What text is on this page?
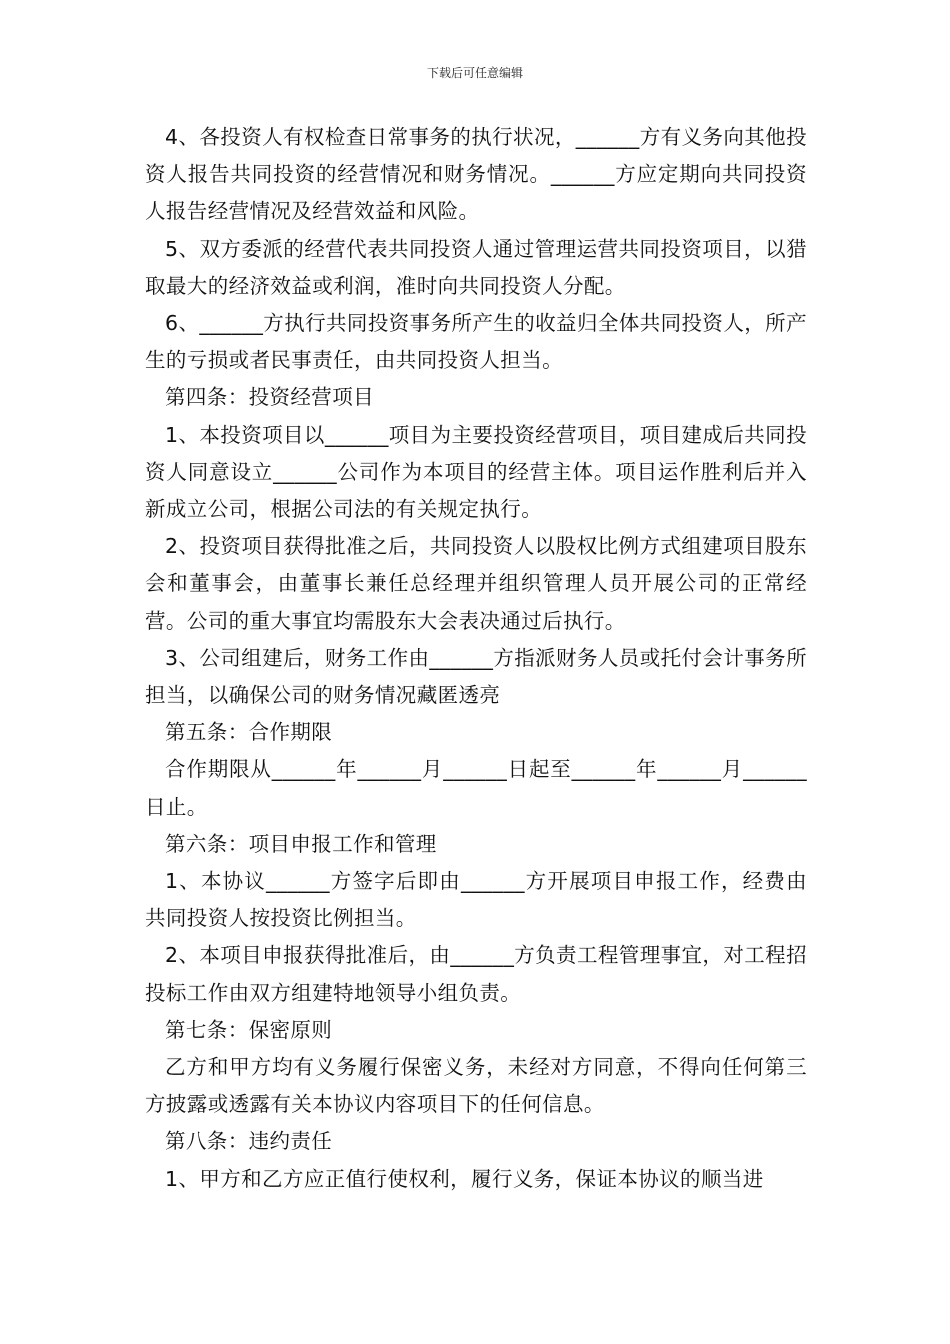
下载后可任意编辑

4、各投资人有权检查日常事务的执行状况，______方有义务向其他投资人报告共同投资的经营情况和财务情况。______方应定期向共同投资人报告经营情况及经营效益和风险。

5、双方委派的经营代表共同投资人通过管理运营共同投资项目，以猎取最大的经济效益或利润，准时向共同投资人分配。

6、______方执行共同投资事务所产生的收益归全体共同投资人，所产生的亏损或者民事责任，由共同投资人担当。

第四条：投资经营项目

1、本投资项目以______项目为主要投资经营项目，项目建成后共同投资人同意设立______公司作为本项目的经营主体。项目运作胜利后并入新成立公司，根据公司法的有关规定执行。

2、投资项目获得批准之后，共同投资人以股权比例方式组建项目股东会和董事会，由董事长兼任总经理并组织管理人员开展公司的正常经营。公司的重大事宜均需股东大会表决通过后执行。

3、公司组建后，财务工作由______方指派财务人员或托付会计事务所担当，以确保公司的财务情况藏匿透亮

第五条：合作期限

合作期限从______年______月______日起至______年______月______日止。

第六条：项目申报工作和管理

1、本协议______方签字后即由______方开展项目申报工作，经费由共同投资人按投资比例担当。

2、本项目申报获得批准后，由______方负责工程管理事宜，对工程招投标工作由双方组建特地领导小组负责。

第七条：保密原则

乙方和甲方均有义务履行保密义务，未经对方同意，不得向任何第三方披露或透露有关本协议内容项目下的任何信息。

第八条：违约责任

1、甲方和乙方应正值行使权利，履行义务，保证本协议的顺当进
